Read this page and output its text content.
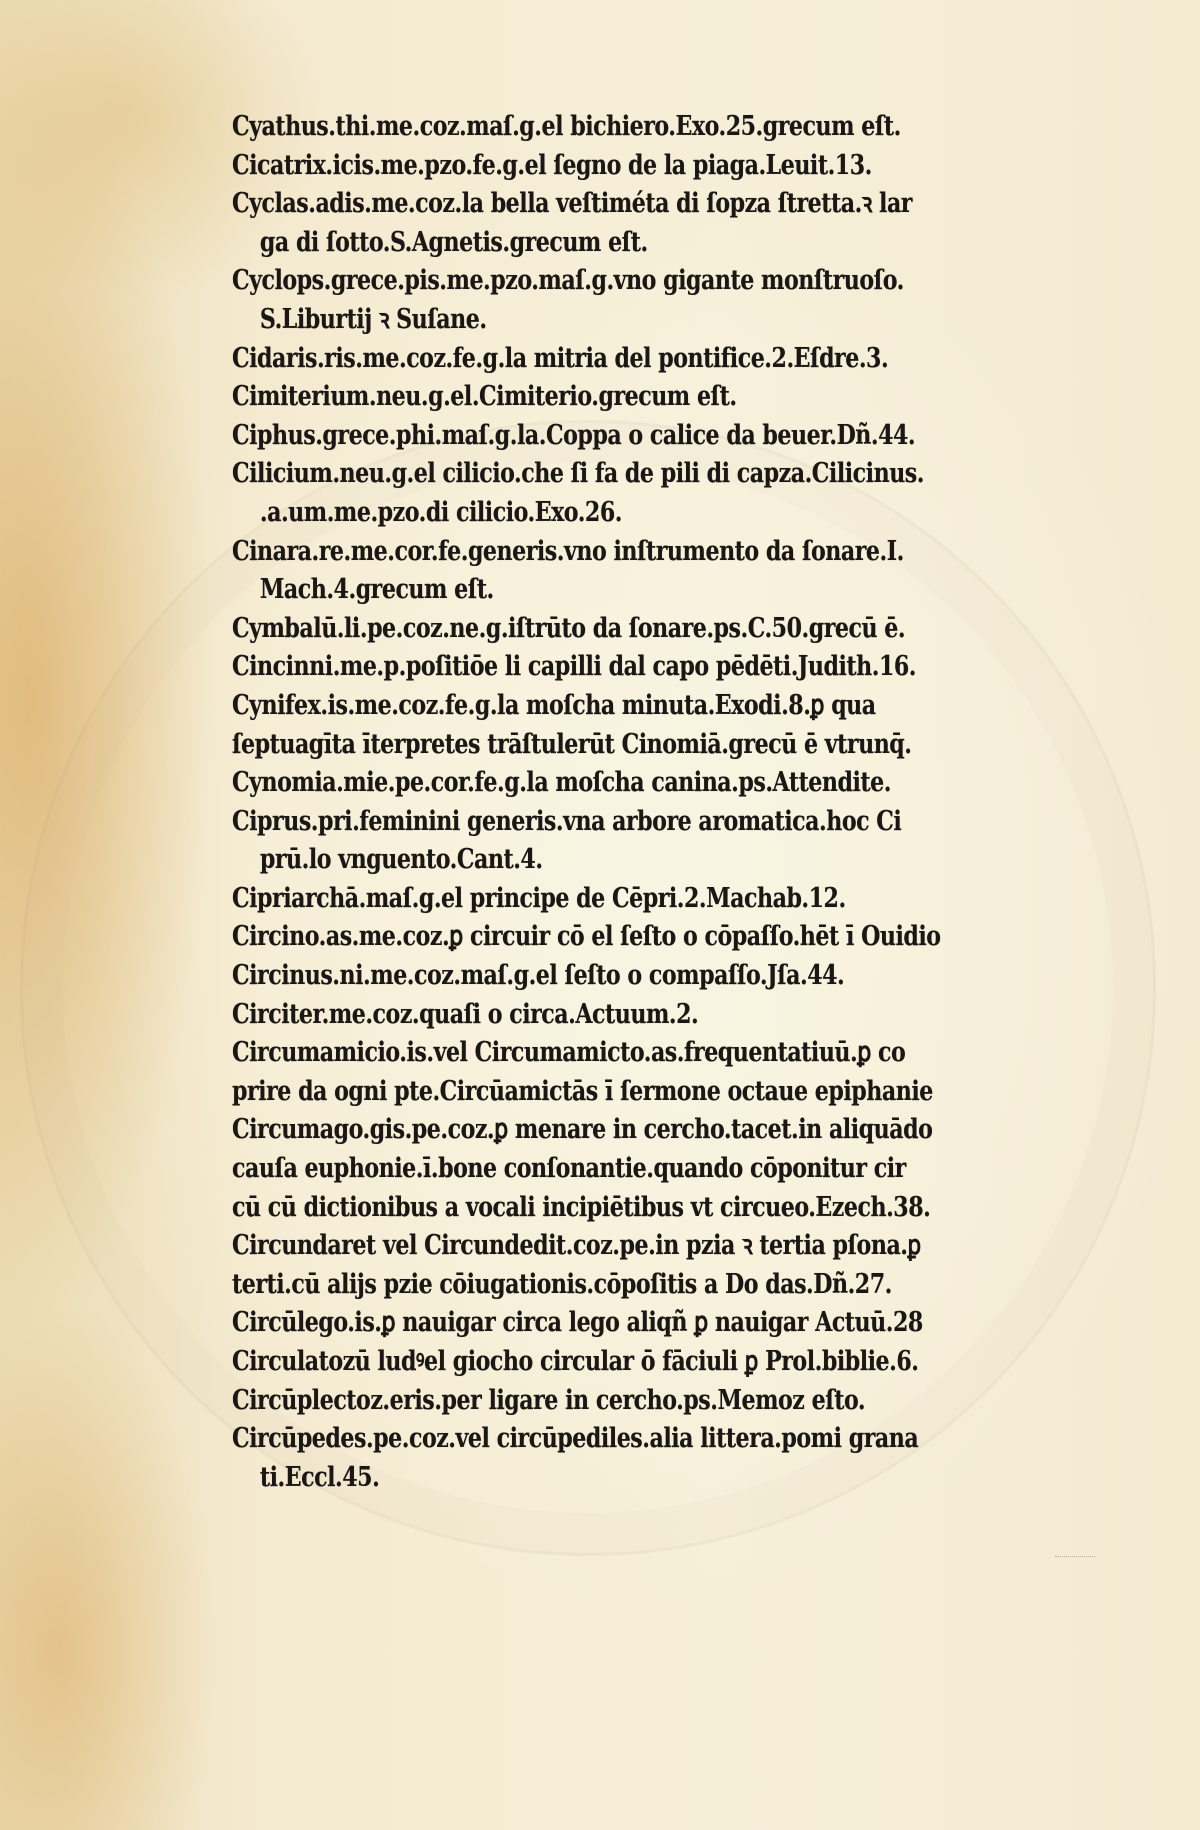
Cyathus.thi.me.coz.maſ.g.el bichiero.Exo.25.grecum eſt.
Cicatrix.icis.me.pzo.fe.g.el ſegno de la piaga.Leuit.13.
Cyclas.adis.me.coz.la bella veſtiméta di ſopza ſtretta.ꝛ lar
ga di ſotto.S.Agnetis.grecum eſt.
Cyclops.grece.pis.me.pzo.maſ.g.vno gigante monſtruoſo.
S.Liburtij ꝛ Suſane.
Cidaris.ris.me.coz.fe.g.la mitria del pontifice.2.Eſdre.3.
Cimiterium.neu.g.el.Cimiterio.grecum eſt.
Ciphus.grece.phi.maſ.g.la.Coppa o calice da beuer.Dñ.44.
Cilicium.neu.g.el cilicio.che ſi fa de pili di capza.Cilicinus.
.a.um.me.pzo.di cilicio.Exo.26.
Cinara.re.me.cor.fe.generis.vno inſtrumento da ſonare.I.
Mach.4.grecum eſt.
Cymbalū.li.pe.coz.ne.g.iſtrūto da ſonare.ps.C.50.grecū ē.
Cincinni.me.p.poſitiōe li capilli dal capo pēdēti.Judith.16.
Cynifex.is.me.coz.fe.g.la moſcha minuta.Exodi.8.ꝑ qua
ſeptuagīta īterpretes trāſtulerūt Cinomiā.grecū ē vtrunq̄.
Cynomia.mie.pe.cor.fe.g.la moſcha canina.ps.Attendite.
Ciprus.pri.feminini generis.vna arbore aromatica.hoc Ci
prū.lo vnguento.Cant.4.
Cipriarchā.maſ.g.el principe de Cēpri.2.Machab.12.
Circino.as.me.coz.ꝑ circuir cō el ſeſto o cōpaſſo.hēt ī Ouidio
Circinus.ni.me.coz.maſ.g.el ſeſto o compaſſo.Jſa.44.
Circiter.me.coz.quaſi o circa.Actuum.2.
Circumamicio.is.vel Circumamicto.as.frequentatiuū.ꝑ co
prire da ogni pte.Circūamictās ī ſermone octaue epiphanie
Circumago.gis.pe.coz.ꝑ menare in cercho.tacet.in aliquādo
cauſa euphonie.ī.bone conſonantie.quando cōponitur cir
cū cū dictionibus a vocali incipiētibus vt circueo.Ezech.38.
Circundaret vel Circundedit.coz.pe.in pzia ꝛ tertia pſona.ꝑ
terti.cū alijs pzie cōiugationis.cōpoſitis a Do das.Dñ.27.
Circūlego.is.ꝑ nauigar circa lego aliqñ ꝑ nauigar Actuū.28
Circulatozū ludꝰel giocho circular ō fāciuli ꝑ Prol.biblie.6.
Circūplectoz.eris.per ligare in cercho.ps.Memoz eſto.
Circūpedes.pe.coz.vel circūpediles.alia littera.pomi grana
ti.Eccl.45.
